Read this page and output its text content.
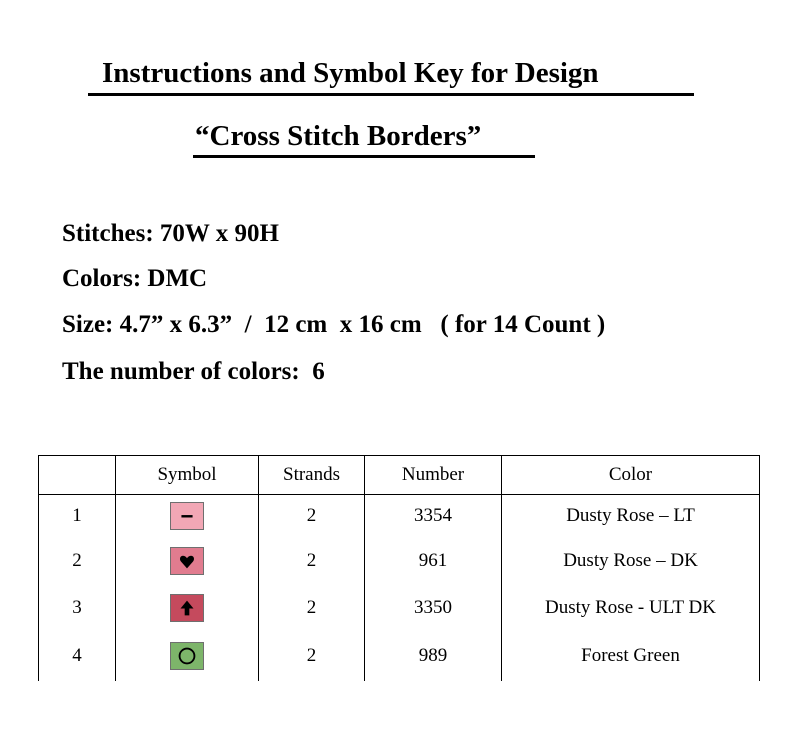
Instructions and Symbol Key for Design
“Cross Stitch Borders”
Stitches: 70W x 90H
Colors: DMC
Size: 4.7” x 6.3”  /  12 cm  x 16 cm   ( for 14 Count )
The number of colors:  6
	Symbol	Strands	Number	Color
1		2	3354	Dusty Rose – LT
2		2	961	Dusty Rose – DK
3		2	3350	Dusty Rose - ULT DK
4		2	989	Forest Green
